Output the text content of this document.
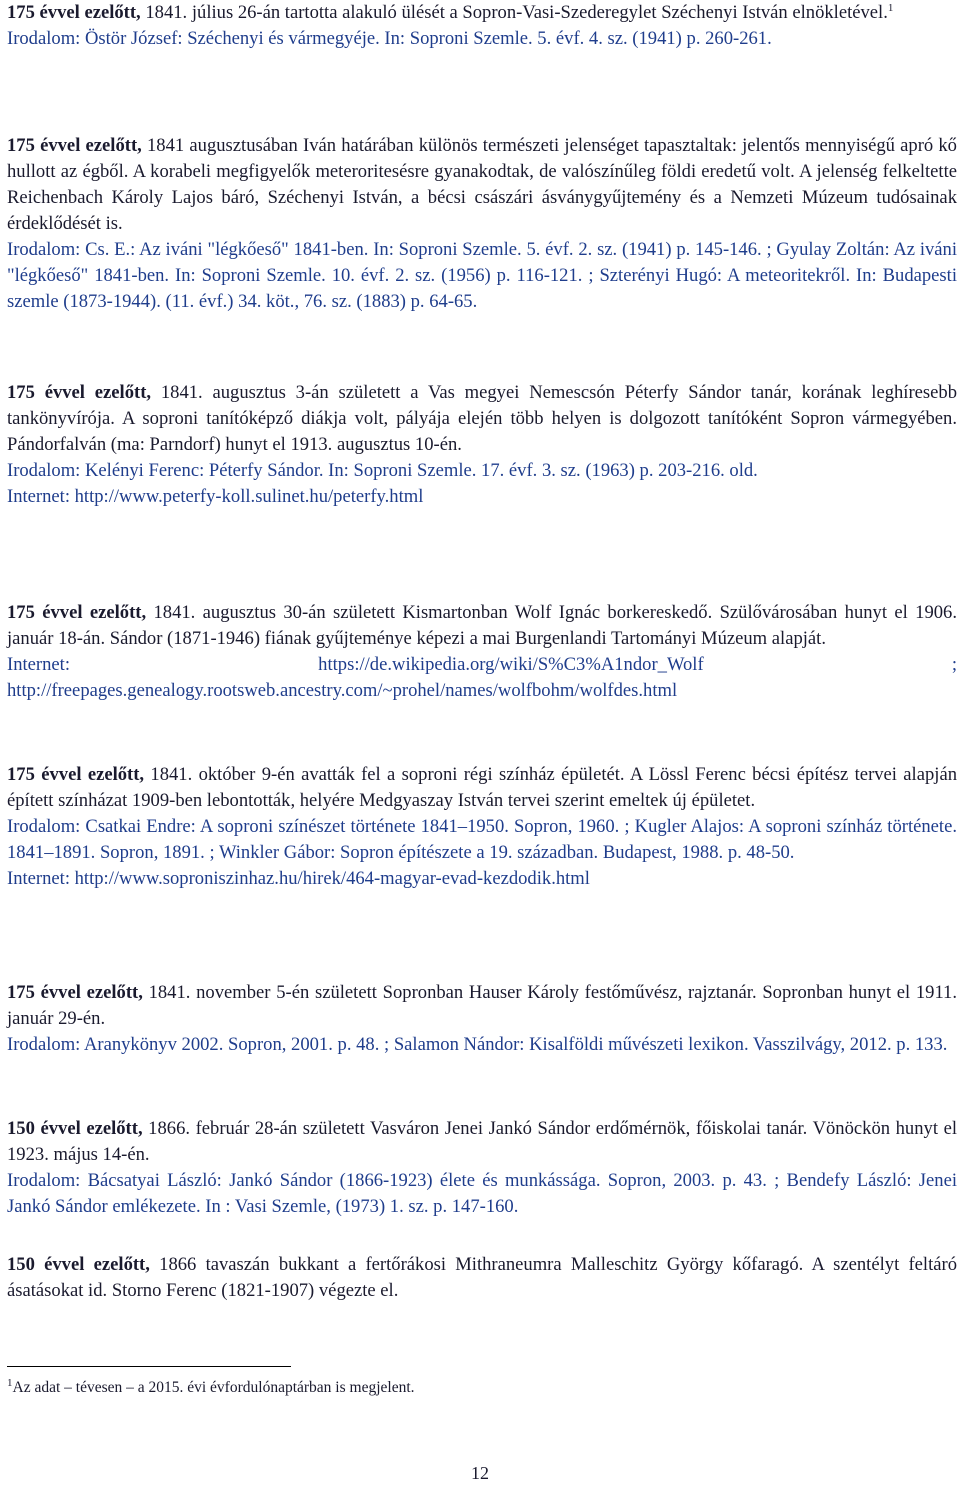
175 évvel ezelőtt, 1841. július 26-án tartotta alakuló ülését a Sopron-Vasi-Szederegylet Széchenyi István elnökletével.$^1$
Irodalom: Östör József: Széchenyi és vármegyéje. In: Soproni Szemle. 5. évf. 4. sz. (1941) p. 260-261.
175 évvel ezelőtt, 1841 augusztusában Iván határában különös természeti jelenséget tapasztaltak: jelentős mennyiségű apró kő hullott az égből. A korabeli megfigyelők meteroritesésre gyanakodtak, de valószínűleg földi eredetű volt. A jelenség felkeltette Reichenbach Károly Lajos báró, Széchenyi István, a bécsi császári ásványgyűjtemény és a Nemzeti Múzeum tudósainak érdeklődését is.
Irodalom: Cs. E.: Az iváni "légkőeső" 1841-ben. In: Soproni Szemle. 5. évf. 2. sz. (1941) p. 145-146. ; Gyulay Zoltán: Az iváni "légkőeső" 1841-ben. In: Soproni Szemle. 10. évf. 2. sz. (1956) p. 116-121. ; Szterényi Hugó: A meteoritekről. In: Budapesti szemle (1873-1944). (11. évf.) 34. köt., 76. sz. (1883) p. 64-65.
175 évvel ezelőtt, 1841. augusztus 3-án született a Vas megyei Nemescsón Péterfy Sándor tanár, korának leghíresebb tankönyvírója. A soproni tanítóképző diákja volt, pályája elején több helyen is dolgozott tanítóként Sopron vármegyében. Pándorfalván (ma: Parndorf) hunyt el 1913. augusztus 10-én.
Irodalom: Kelényi Ferenc: Péterfy Sándor. In: Soproni Szemle. 17. évf. 3. sz. (1963) p. 203-216. old.
Internet: http://www.peterfy-koll.sulinet.hu/peterfy.html
175 évvel ezelőtt, 1841. augusztus 30-án született Kismartonban Wolf Ignác borkereskedő. Szülővárosában hunyt el 1906. január 18-án. Sándor (1871-1946) fiának gyűjteménye képezi a mai Burgenlandi Tartományi Múzeum alapját.
Internet: https://de.wikipedia.org/wiki/S%C3%A1ndor_Wolf ; http://freepages.genealogy.rootsweb.ancestry.com/~prohel/names/wolfbohm/wolfdes.html
175 évvel ezelőtt, 1841. október 9-én avatták fel a soproni régi színház épületét. A Lössl Ferenc bécsi építész tervei alapján épített színházat 1909-ben lebontották, helyére Medgyaszay István tervei szerint emeltek új épületet.
Irodalom: Csatkai Endre: A soproni színészet története 1841–1950. Sopron, 1960. ; Kugler Alajos: A soproni színház története. 1841–1891. Sopron, 1891. ; Winkler Gábor: Sopron építészete a 19. században. Budapest, 1988. p. 48-50.
Internet: http://www.soproniszinhaz.hu/hirek/464-magyar-evad-kezdodik.html
175 évvel ezelőtt, 1841. november 5-én született Sopronban Hauser Károly festőművész, rajztanár. Sopronban hunyt el 1911. január 29-én.
Irodalom: Aranykönyv 2002. Sopron, 2001. p. 48. ; Salamon Nándor: Kisalföldi művészeti lexikon. Vasszilvágy, 2012. p. 133.
150 évvel ezelőtt, 1866. február 28-án született Vasváron Jenei Jankó Sándor erdőmérnök, főiskolai tanár. Vönöckön hunyt el 1923. május 14-én.
Irodalom: Bácsatyai László: Jankó Sándor (1866-1923) élete és munkássága. Sopron, 2003. p. 43. ; Bendefy László: Jenei Jankó Sándor emlékezete. In : Vasi Szemle, (1973) 1. sz. p. 147-160.
150 évvel ezelőtt, 1866 tavaszán bukkant a fertőrákosi Mithraneumra Malleschitz György kőfaragó. A szentélyt feltáró ásatásokat id. Storno Ferenc (1821-1907) végezte el.
$^1$Az adat – tévesen – a 2015. évi évfordulónaptárban is megjelent.
12
